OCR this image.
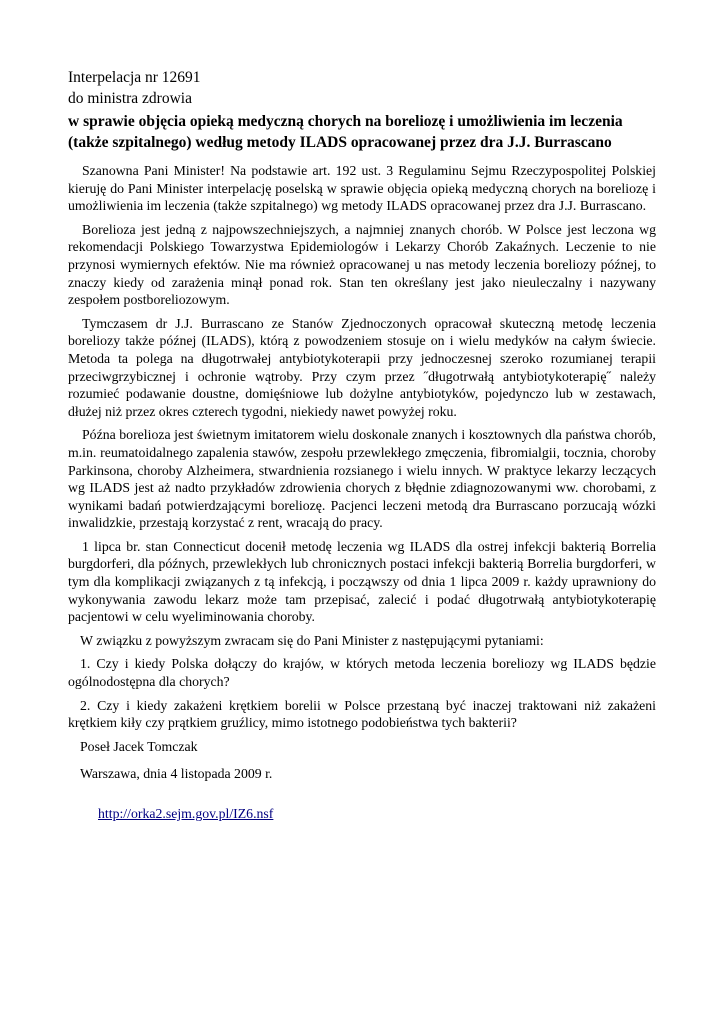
Interpelacja nr 12691

do ministra zdrowia

w sprawie objęcia opieką medyczną chorych na boreliozę i umożliwienia im leczenia (także szpitalnego) według metody ILADS opracowanej przez dra J.J. Burrascano

Szanowna Pani Minister! Na podstawie art. 192 ust. 3 Regulaminu Sejmu Rzeczypospolitej Polskiej kieruję do Pani Minister interpelację poselską w sprawie objęcia opieką medyczną chorych na boreliozę i umożliwienia im leczenia (także szpitalnego) wg metody ILADS opracowanej przez dra J.J. Burrascano.

Borelioza jest jedną z najpowszechniejszych, a najmniej znanych chorób. W Polsce jest leczona wg rekomendacji Polskiego Towarzystwa Epidemiologów i Lekarzy Chorób Zakaźnych. Leczenie to nie przynosi wymiernych efektów. Nie ma również opracowanej u nas metody leczenia boreliozy późnej, to znaczy kiedy od zarażenia minął ponad rok. Stan ten określany jest jako nieuleczalny i nazywany zespołem postboreliozowym.

Tymczasem dr J.J. Burrascano ze Stanów Zjednoczonych opracował skuteczną metodę leczenia boreliozy także późnej (ILADS), którą z powodzeniem stosuje on i wielu medyków na całym świecie. Metoda ta polega na długotrwałej antybiotykoterapii przy jednoczesnej szeroko rozumianej terapii przeciwgrzybicznej i ochronie wątroby. Przy czym przez ˝długotrwałą antybiotykoterapię˝ należy rozumieć podawanie doustne, domięśniowe lub dożylne antybiotyków, pojedynczo lub w zestawach, dłużej niż przez okres czterech tygodni, niekiedy nawet powyżej roku.

Późna borelioza jest świetnym imitatorem wielu doskonale znanych i kosztownych dla państwa chorób, m.in. reumatoidalnego zapalenia stawów, zespołu przewlekłego zmęczenia, fibromialgii, tocznia, choroby Parkinsona, choroby Alzheimera, stwardnienia rozsianego i wielu innych. W praktyce lekarzy leczących wg ILADS jest aż nadto przykładów zdrowienia chorych z błędnie zdiagnozowanymi ww. chorobami, z wynikami badań potwierdzającymi boreliozę. Pacjenci leczeni metodą dra Burrascano porzucają wózki inwalidzkie, przestają korzystać z rent, wracają do pracy.

1 lipca br. stan Connecticut docenił metodę leczenia wg ILADS dla ostrej infekcji bakterią Borrelia burgdorferi, dla późnych, przewlekłych lub chronicznych postaci infekcji bakterią Borrelia burgdorferi, w tym dla komplikacji związanych z tą infekcją, i począwszy od dnia 1 lipca 2009 r. każdy uprawniony do wykonywania zawodu lekarz może tam przepisać, zalecić i podać długotrwałą antybiotykoterapię pacjentowi w celu wyeliminowania choroby.

W związku z powyższym zwracam się do Pani Minister z następującymi pytaniami:

1. Czy i kiedy Polska dołączy do krajów, w których metoda leczenia boreliozy wg ILADS będzie ogólnodostępna dla chorych?

2. Czy i kiedy zakażeni krętkiem borelii w Polsce przestaną być inaczej traktowani niż zakażeni krętkiem kiły czy prątkiem gruźlicy, mimo istotnego podobieństwa tych bakterii?

Poseł Jacek Tomczak

Warszawa, dnia 4 listopada 2009 r.

http://orka2.sejm.gov.pl/IZ6.nsf
